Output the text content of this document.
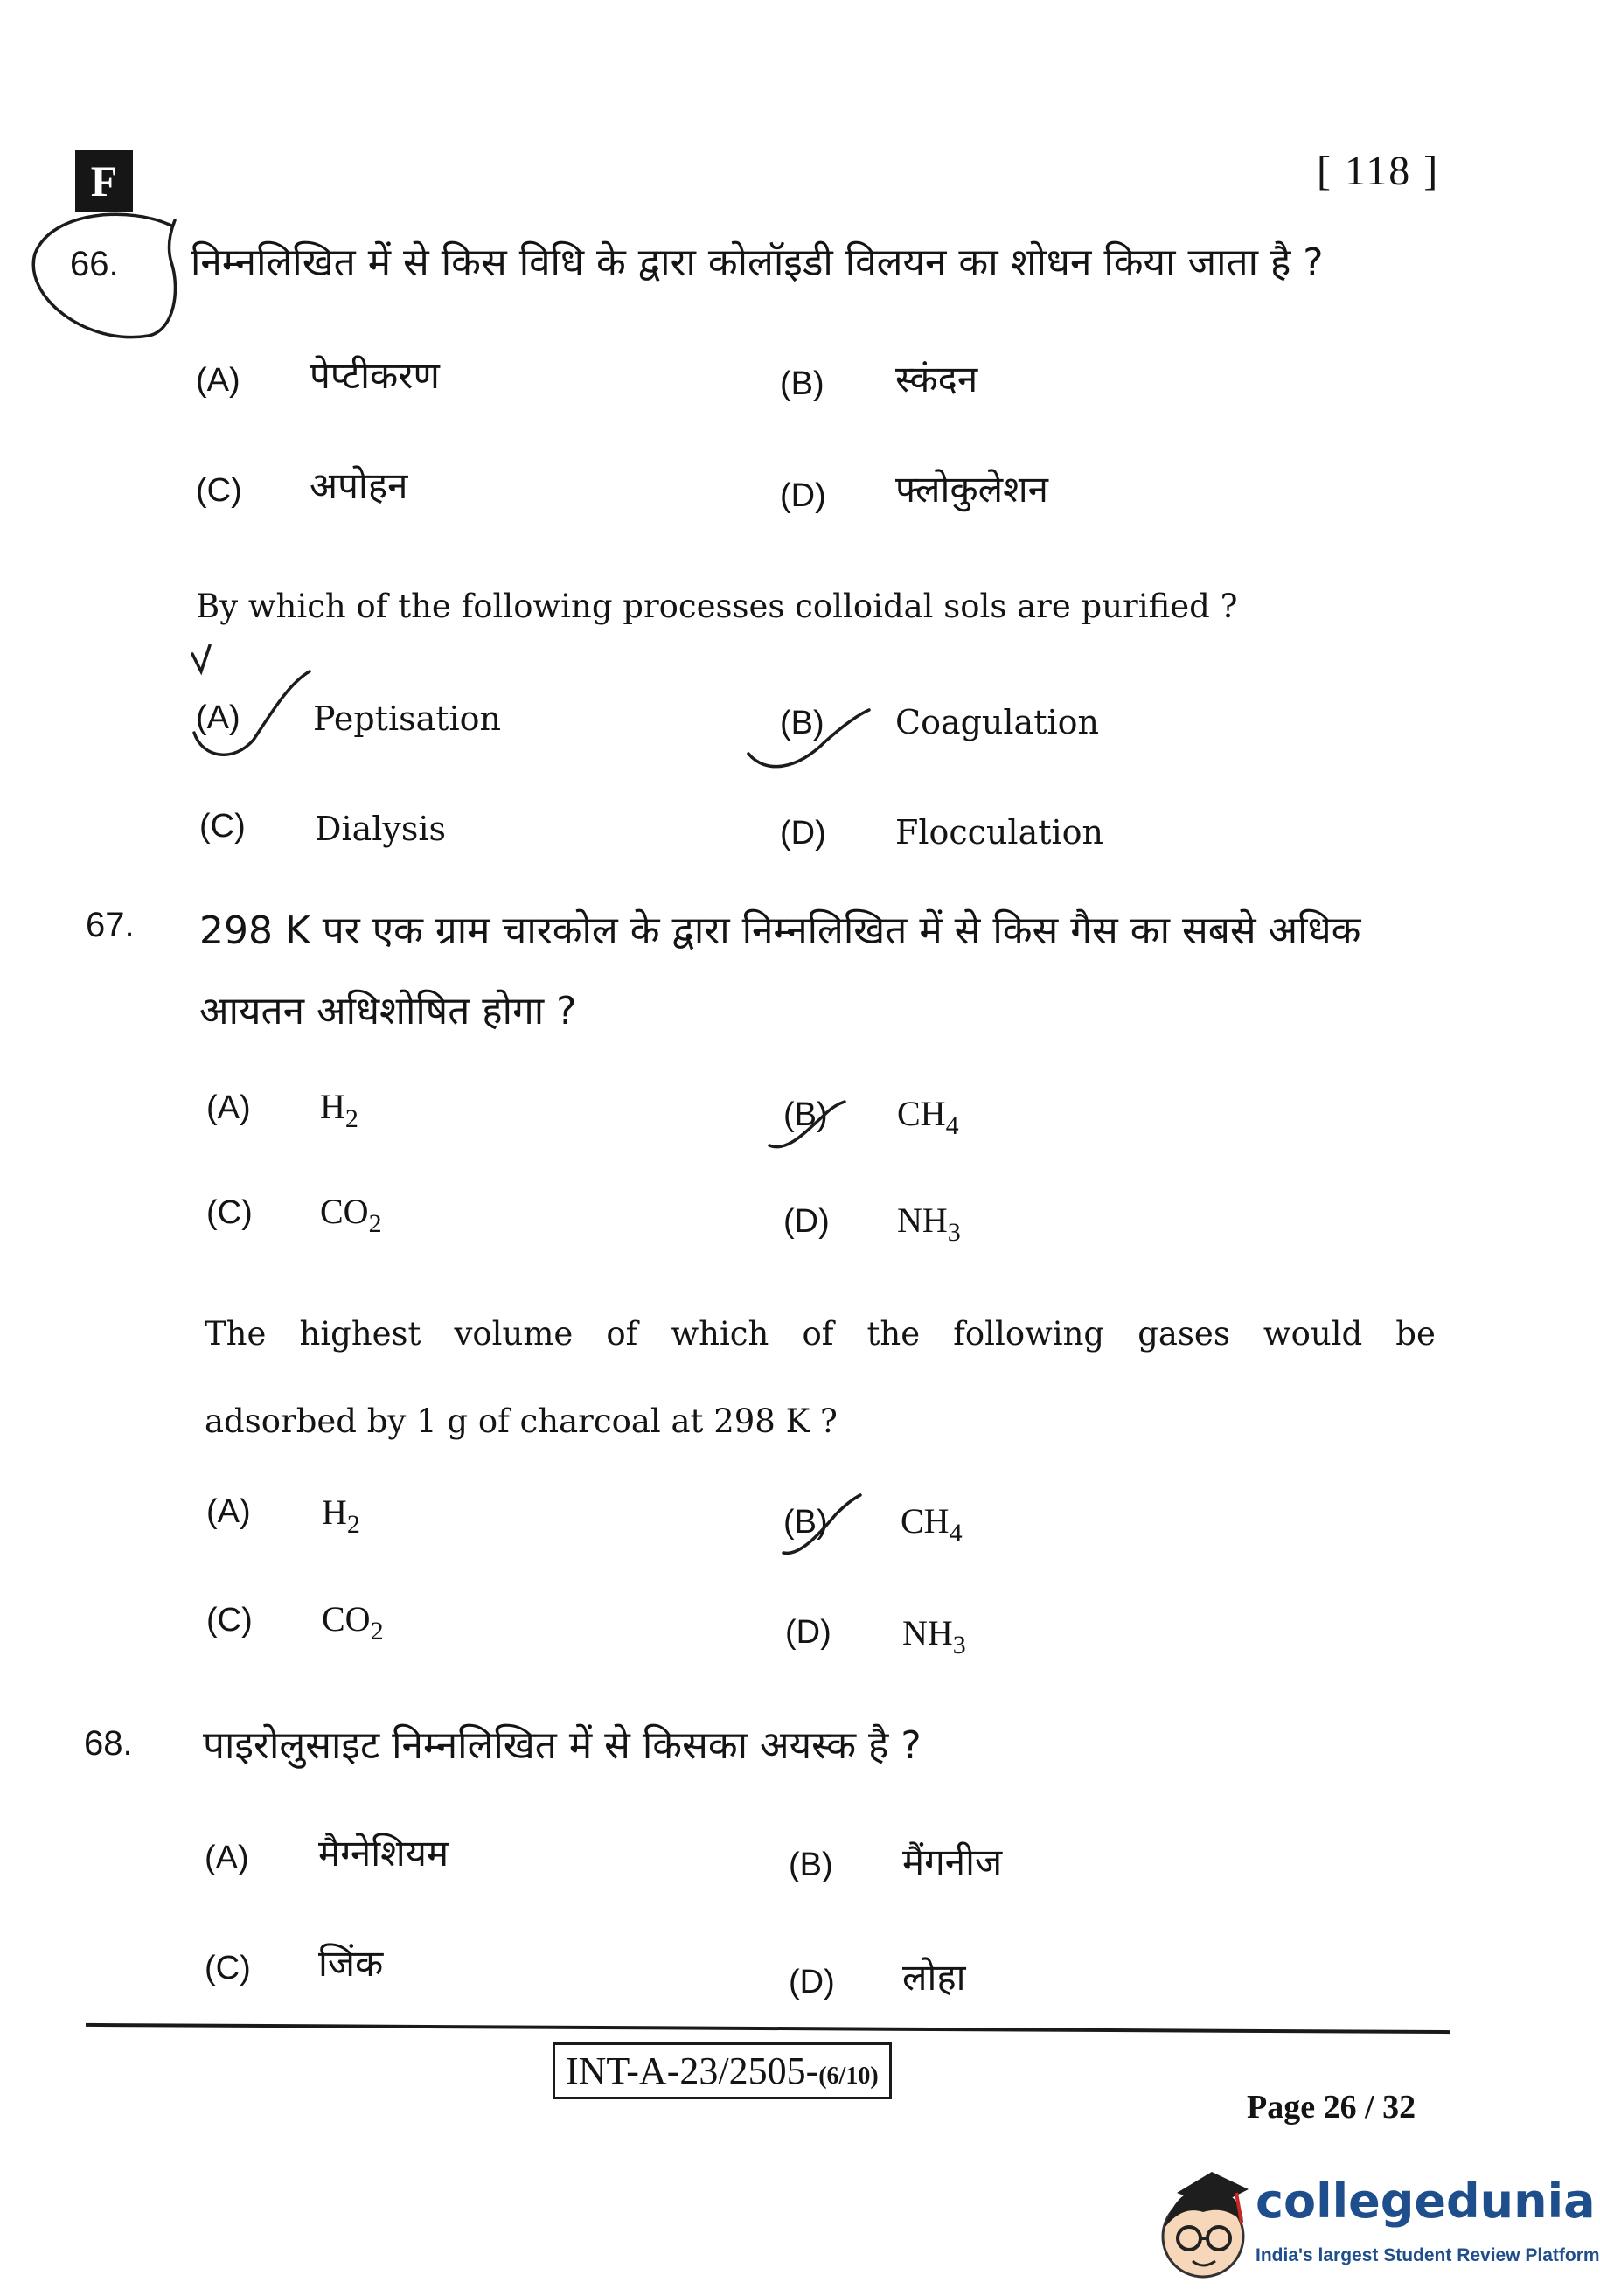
F	[ 118 ]
66. निम्नलिखित में से किस विधि के द्वारा कोलॉइडी विलयन का शोधन किया जाता है ?
(A) पेप्टीकरण	(B) स्कंदन
(C) अपोहन	(D) फ्लोकुलेशन
By which of the following processes colloidal sols are purified ?
(A) Peptisation	(B) Coagulation
(C) Dialysis	(D) Flocculation
67. 298 K पर एक ग्राम चारकोल के द्वारा निम्नलिखित में से किस गैस का सबसे अधिक
आयतन अधिशोषित होगा ?
(A) $H_2$	(B) $CH_4$
(C) $CO_2$	(D) $NH_3$
The highest volume of which of the following gases would be
adsorbed by 1 g of charcoal at 298 K ?
(A) $H_2$	(B) $CH_4$
(C) $CO_2$	(D) $NH_3$
68. पाइरोलुसाइट निम्नलिखित में से किसका अयस्क है ?
(A) मैग्नेशियम	(B) मैंगनीज
(C) जिंक	(D) लोहा
INT-A-23/2505-(6/10)
Page 26 / 32
collegedunia
India's largest Student Review Platform
